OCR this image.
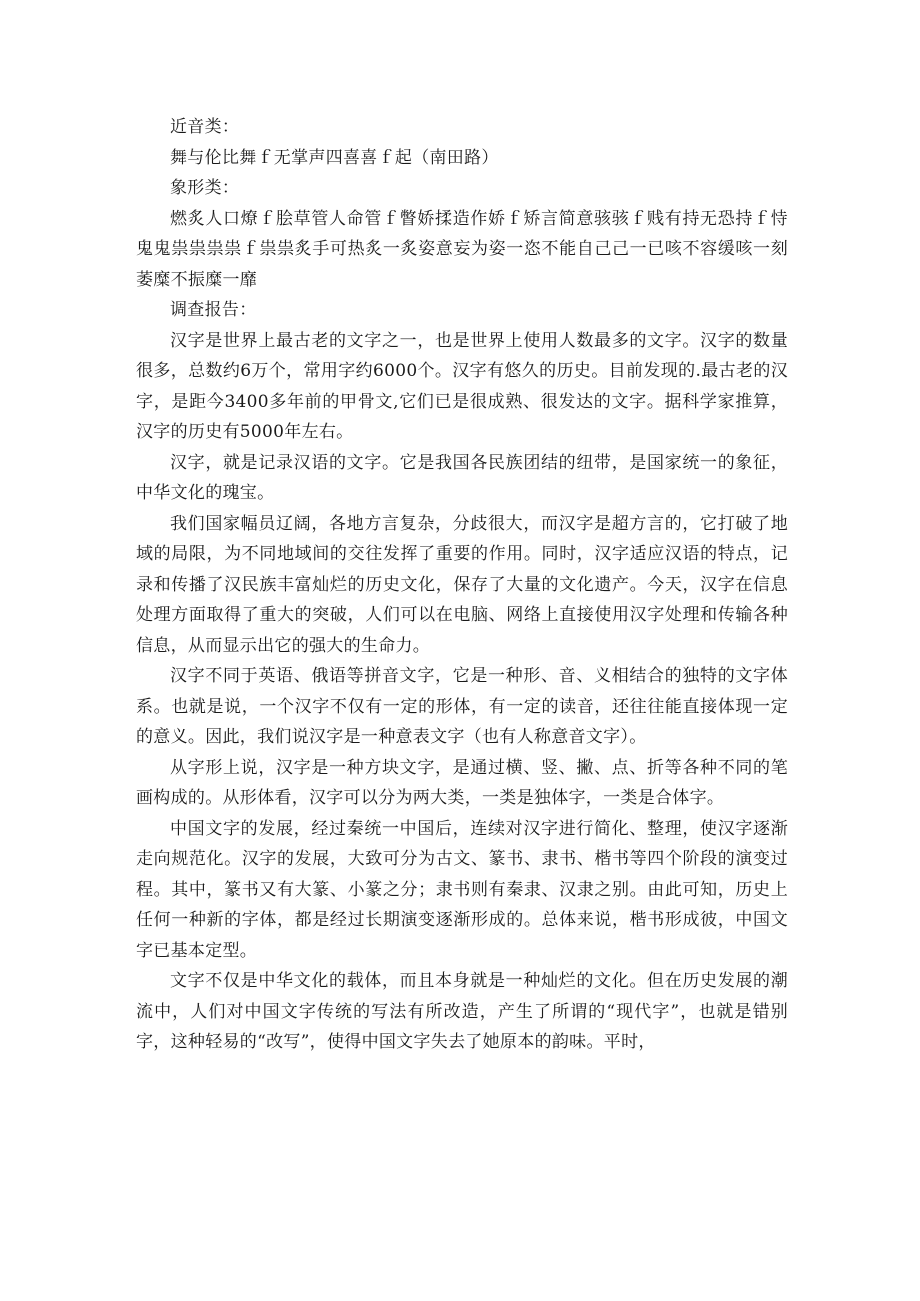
近音类：

舞与伦比舞ｆ无掌声四喜喜ｆ起（南田路）

象形类：

燃炙人口燎ｆ脍草管人命管ｆ瞥娇揉造作娇ｆ矫言简意骇骇ｆ贱有持无恐持ｆ恃鬼鬼祟祟祟祟ｆ祟祟炙手可热炙一炙姿意妄为姿一恣不能自己己一已咳不容缓咳一刻萎糜不振糜一靡

调查报告：

汉字是世界上最古老的文字之一，也是世界上使用人数最多的文字。汉字的数量很多，总数约6万个，常用字约6000个。汉字有悠久的历史。目前发现的.最古老的汉字，是距今3400多年前的甲骨文,它们已是很成熟、很发达的文字。据科学家推算，汉字的历史有5000年左右。

汉字，就是记录汉语的文字。它是我国各民族团结的纽带，是国家统一的象征，中华文化的瑰宝。

我们国家幅员辽阔，各地方言复杂，分歧很大，而汉字是超方言的，它打破了地域的局限，为不同地域间的交往发挥了重要的作用。同时，汉字适应汉语的特点，记录和传播了汉民族丰富灿烂的历史文化，保存了大量的文化遗产。今天，汉字在信息处理方面取得了重大的突破，人们可以在电脑、网络上直接使用汉字处理和传输各种信息，从而显示出它的强大的生命力。

汉字不同于英语、俄语等拼音文字，它是一种形、音、义相结合的独特的文字体系。也就是说，一个汉字不仅有一定的形体，有一定的读音，还往往能直接体现一定的意义。因此，我们说汉字是一种意表文字（也有人称意音文字）。

从字形上说，汉字是一种方块文字，是通过横、竖、撇、点、折等各种不同的笔画构成的。从形体看，汉字可以分为两大类，一类是独体字，一类是合体字。

中国文字的发展，经过秦统一中国后，连续对汉字进行简化、整理，使汉字逐渐走向规范化。汉字的发展，大致可分为古文、篆书、隶书、楷书等四个阶段的演变过程。其中，篆书又有大篆、小篆之分；隶书则有秦隶、汉隶之别。由此可知，历史上任何一种新的字体，都是经过长期演变逐渐形成的。总体来说，楷书形成彼，中国文字已基本定型。

文字不仅是中华文化的载体，而且本身就是一种灿烂的文化。但在历史发展的潮流中，人们对中国文字传统的写法有所改造，产生了所谓的“现代字”，也就是错别字，这种轻易的“改写”，使得中国文字失去了她原本的韵味。平时，
